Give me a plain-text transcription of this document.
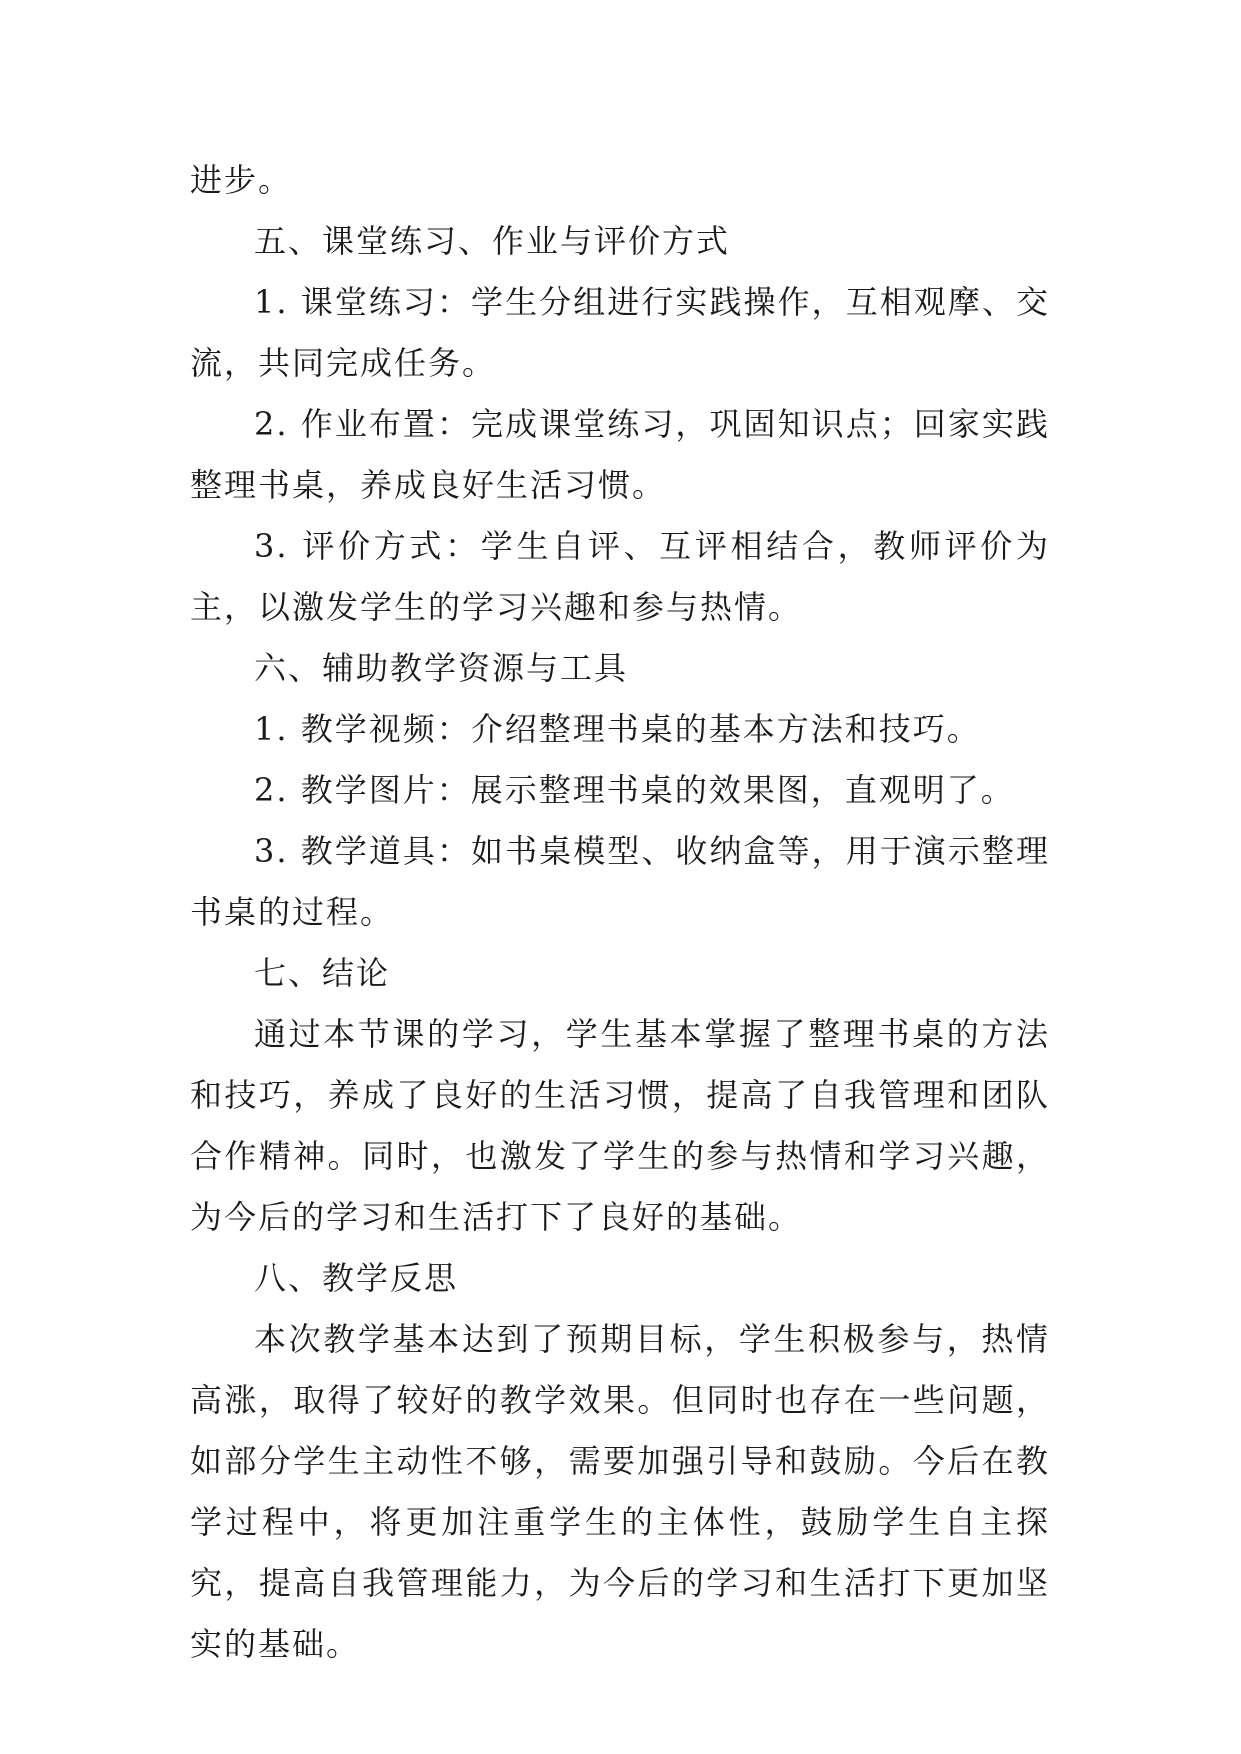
进步。

五、课堂练习、作业与评价方式

1. 课堂练习：学生分组进行实践操作，互相观摩、交流，共同完成任务。

2. 作业布置：完成课堂练习，巩固知识点；回家实践整理书桌，养成良好生活习惯。

3. 评价方式：学生自评、互评相结合，教师评价为主，以激发学生的学习兴趣和参与热情。

六、辅助教学资源与工具

1. 教学视频：介绍整理书桌的基本方法和技巧。

2. 教学图片：展示整理书桌的效果图，直观明了。

3. 教学道具：如书桌模型、收纳盒等，用于演示整理书桌的过程。

七、结论

通过本节课的学习，学生基本掌握了整理书桌的方法和技巧，养成了良好的生活习惯，提高了自我管理和团队合作精神。同时，也激发了学生的参与热情和学习兴趣，为今后的学习和生活打下了良好的基础。

八、教学反思

本次教学基本达到了预期目标，学生积极参与，热情高涨，取得了较好的教学效果。但同时也存在一些问题，如部分学生主动性不够，需要加强引导和鼓励。今后在教学过程中，将更加注重学生的主体性，鼓励学生自主探究，提高自我管理能力，为今后的学习和生活打下更加坚实的基础。
